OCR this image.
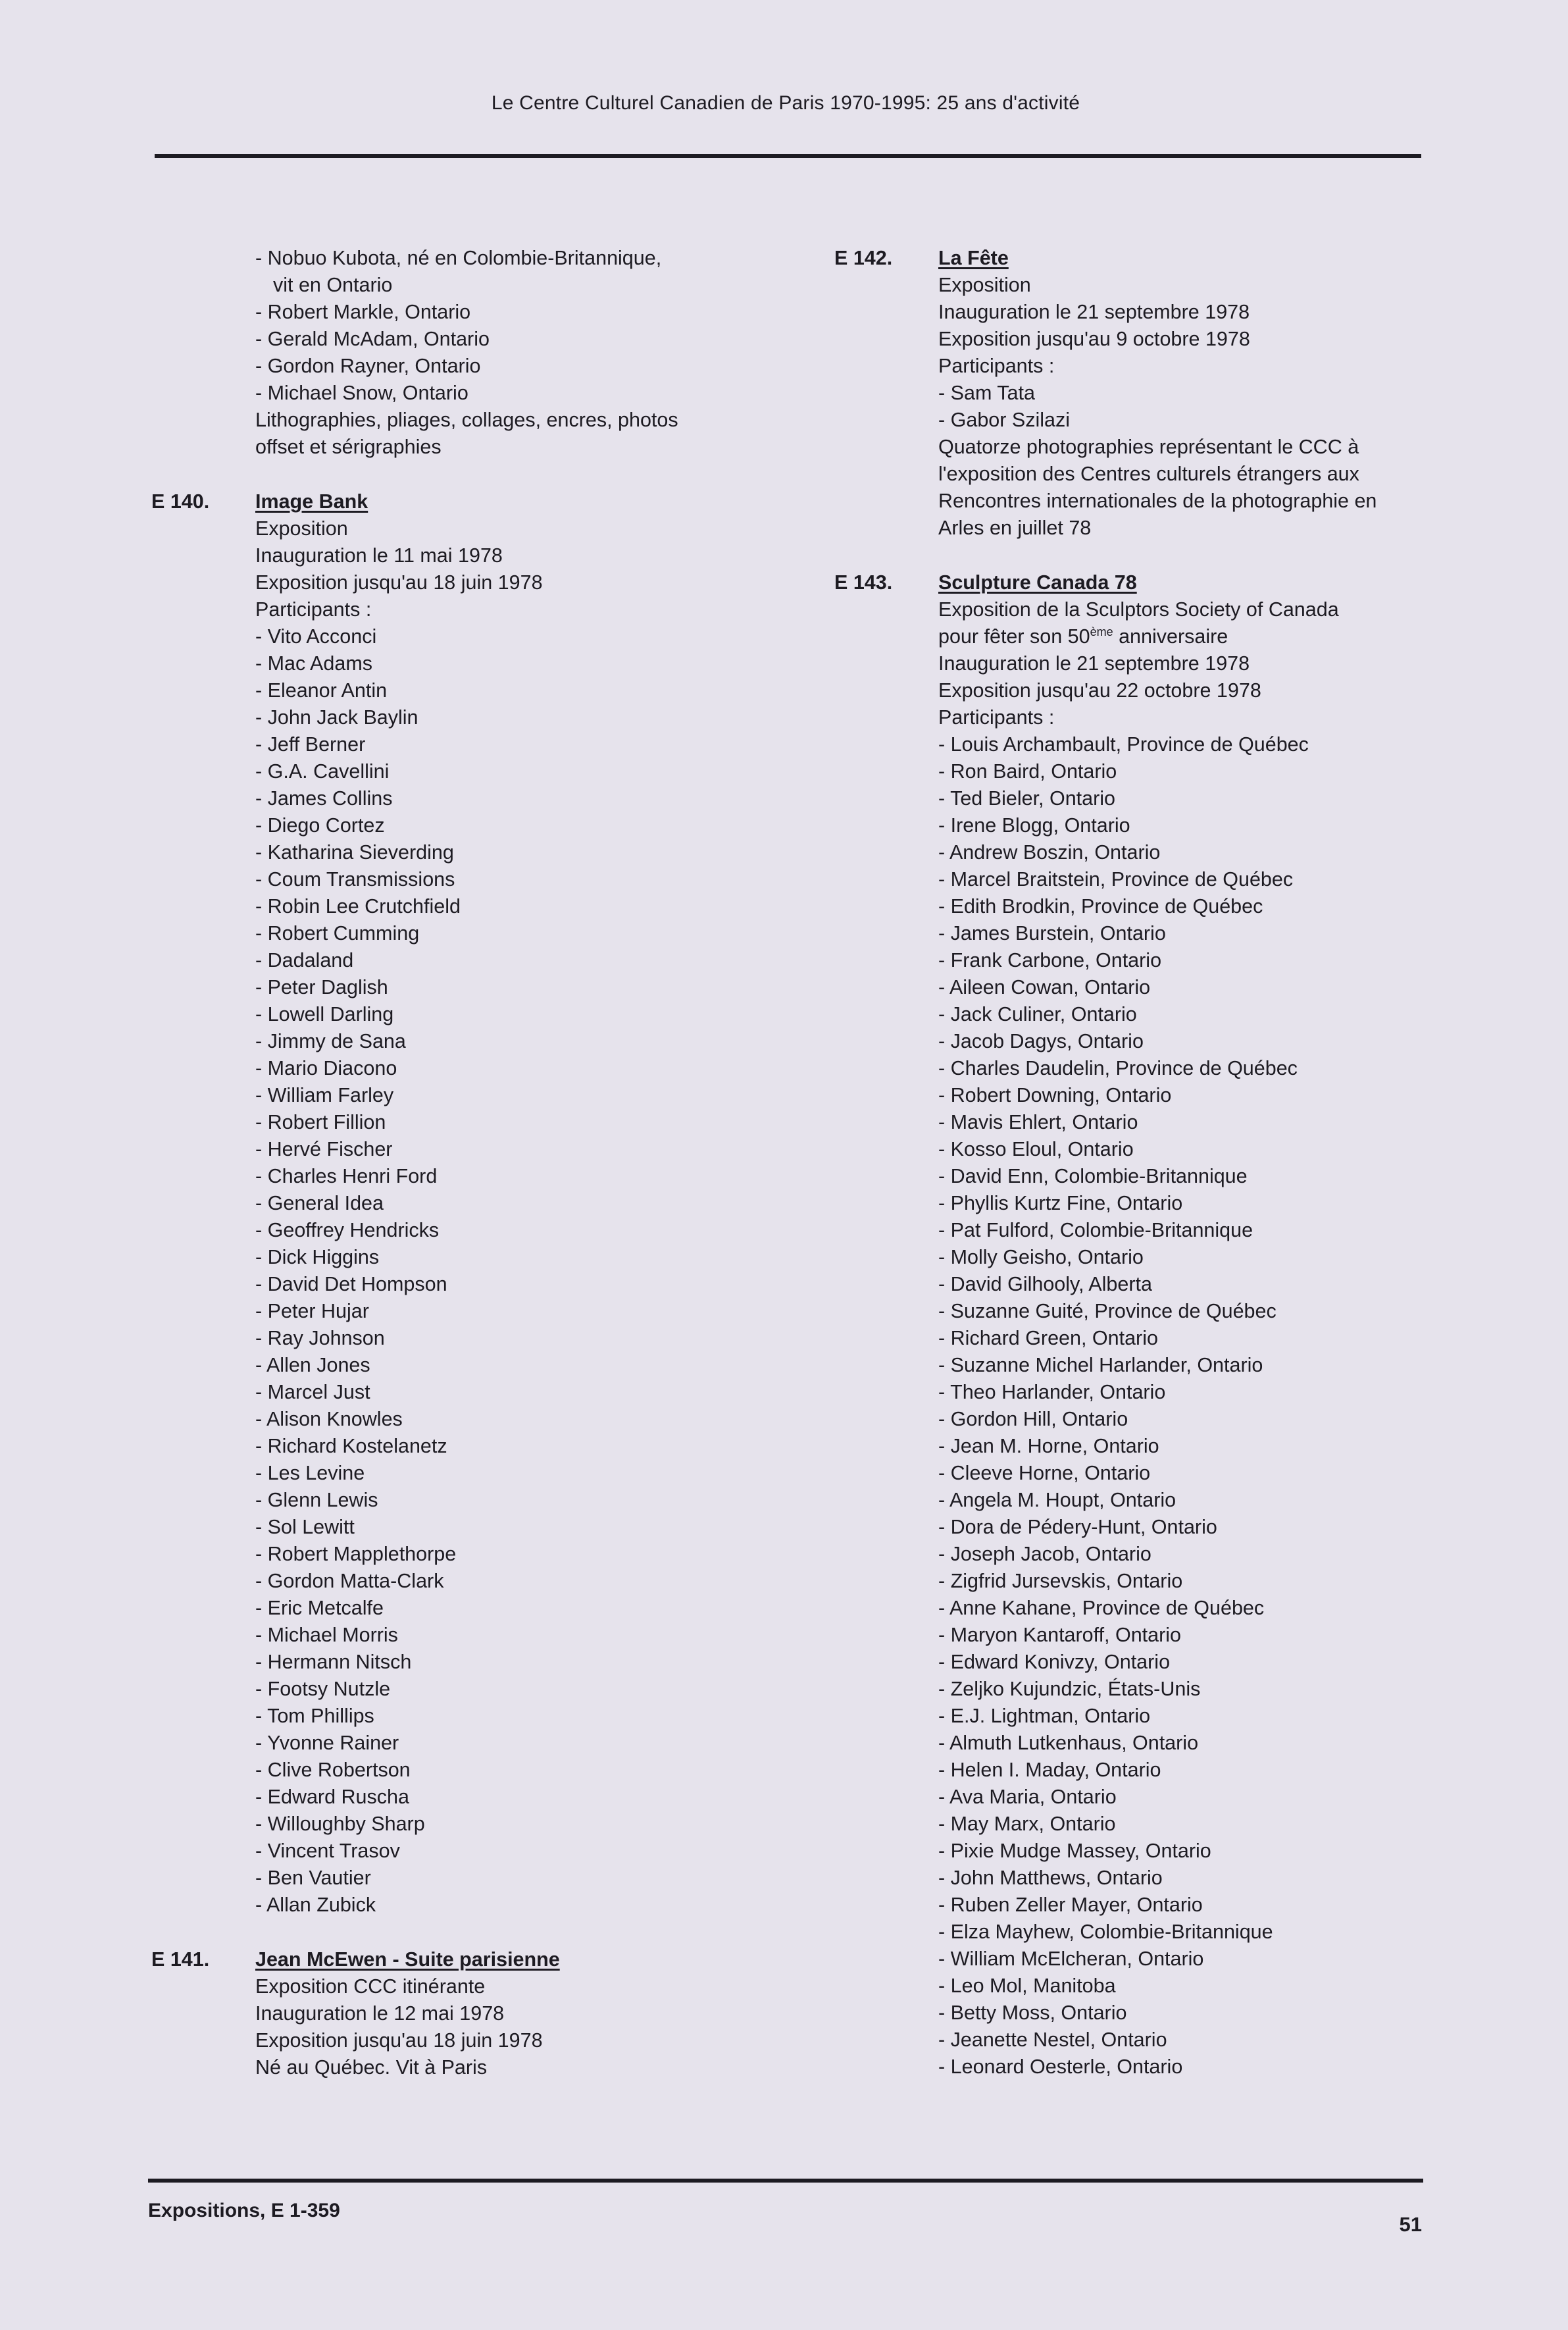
Le Centre Culturel Canadien de Paris 1970-1995: 25 ans d'activité
- Nobuo Kubota, né en Colombie-Britannique,
vit en Ontario
- Robert Markle, Ontario
- Gerald McAdam, Ontario
- Gordon Rayner, Ontario
- Michael Snow, Ontario
Lithographies, pliages, collages, encres, photos
offset et sérigraphies
E 140. Image Bank
Exposition
Inauguration le 11 mai 1978
Exposition jusqu'au 18 juin 1978
Participants :
- Vito Acconci
- Mac Adams
- Eleanor Antin
- John Jack Baylin
- Jeff Berner
- G.A. Cavellini
- James Collins
- Diego Cortez
- Katharina Sieverding
- Coum Transmissions
- Robin Lee Crutchfield
- Robert Cumming
- Dadaland
- Peter Daglish
- Lowell Darling
- Jimmy de Sana
- Mario Diacono
- William Farley
- Robert Fillion
- Hervé Fischer
- Charles Henri Ford
- General Idea
- Geoffrey Hendricks
- Dick Higgins
- David Det Hompson
- Peter Hujar
- Ray Johnson
- Allen Jones
- Marcel Just
- Alison Knowles
- Richard Kostelanetz
- Les Levine
- Glenn Lewis
- Sol Lewitt
- Robert Mapplethorpe
- Gordon Matta-Clark
- Eric Metcalfe
- Michael Morris
- Hermann Nitsch
- Footsy Nutzle
- Tom Phillips
- Yvonne Rainer
- Clive Robertson
- Edward Ruscha
- Willoughby Sharp
- Vincent Trasov
- Ben Vautier
- Allan Zubick
E 141. Jean McEwen - Suite parisienne
Exposition CCC itinérante
Inauguration le 12 mai 1978
Exposition jusqu'au 18 juin 1978
Né au Québec. Vit à Paris
E 142. La Fête
Exposition
Inauguration le 21 septembre 1978
Exposition jusqu'au 9 octobre 1978
Participants :
- Sam Tata
- Gabor Szilazi
Quatorze photographies représentant le CCC à
l'exposition des Centres culturels étrangers aux
Rencontres internationales de la photographie en
Arles en juillet 78
E 143. Sculpture Canada 78
Exposition de la Sculptors Society of Canada
pour fêter son 50ème anniversaire
Inauguration le 21 septembre 1978
Exposition jusqu'au 22 octobre 1978
Participants :
- Louis Archambault, Province de Québec
- Ron Baird, Ontario
- Ted Bieler, Ontario
- Irene Blogg, Ontario
- Andrew Boszin, Ontario
- Marcel Braitstein, Province de Québec
- Edith Brodkin, Province de Québec
- James Burstein, Ontario
- Frank Carbone, Ontario
- Aileen Cowan, Ontario
- Jack Culiner, Ontario
- Jacob Dagys, Ontario
- Charles Daudelin, Province de Québec
- Robert Downing, Ontario
- Mavis Ehlert, Ontario
- Kosso Eloul, Ontario
- David Enn, Colombie-Britannique
- Phyllis Kurtz Fine, Ontario
- Pat Fulford, Colombie-Britannique
- Molly Geisho, Ontario
- David Gilhooly, Alberta
- Suzanne Guité, Province de Québec
- Richard Green, Ontario
- Suzanne Michel Harlander, Ontario
- Theo Harlander, Ontario
- Gordon Hill, Ontario
- Jean M. Horne, Ontario
- Cleeve Horne, Ontario
- Angela M. Houpt, Ontario
- Dora de Pédery-Hunt, Ontario
- Joseph Jacob, Ontario
- Zigfrid Jursevskis, Ontario
- Anne Kahane, Province de Québec
- Maryon Kantaroff, Ontario
- Edward Konivzy, Ontario
- Zeljko Kujundzic, États-Unis
- E.J. Lightman, Ontario
- Almuth Lutkenhaus, Ontario
- Helen I. Maday, Ontario
- Ava Maria, Ontario
- May Marx, Ontario
- Pixie Mudge Massey, Ontario
- John Matthews, Ontario
- Ruben Zeller Mayer, Ontario
- Elza Mayhew, Colombie-Britannique
- William McElcheran, Ontario
- Leo Mol, Manitoba
- Betty Moss, Ontario
- Jeanette Nestel, Ontario
- Leonard Oesterle, Ontario
Expositions, E 1-359
51
